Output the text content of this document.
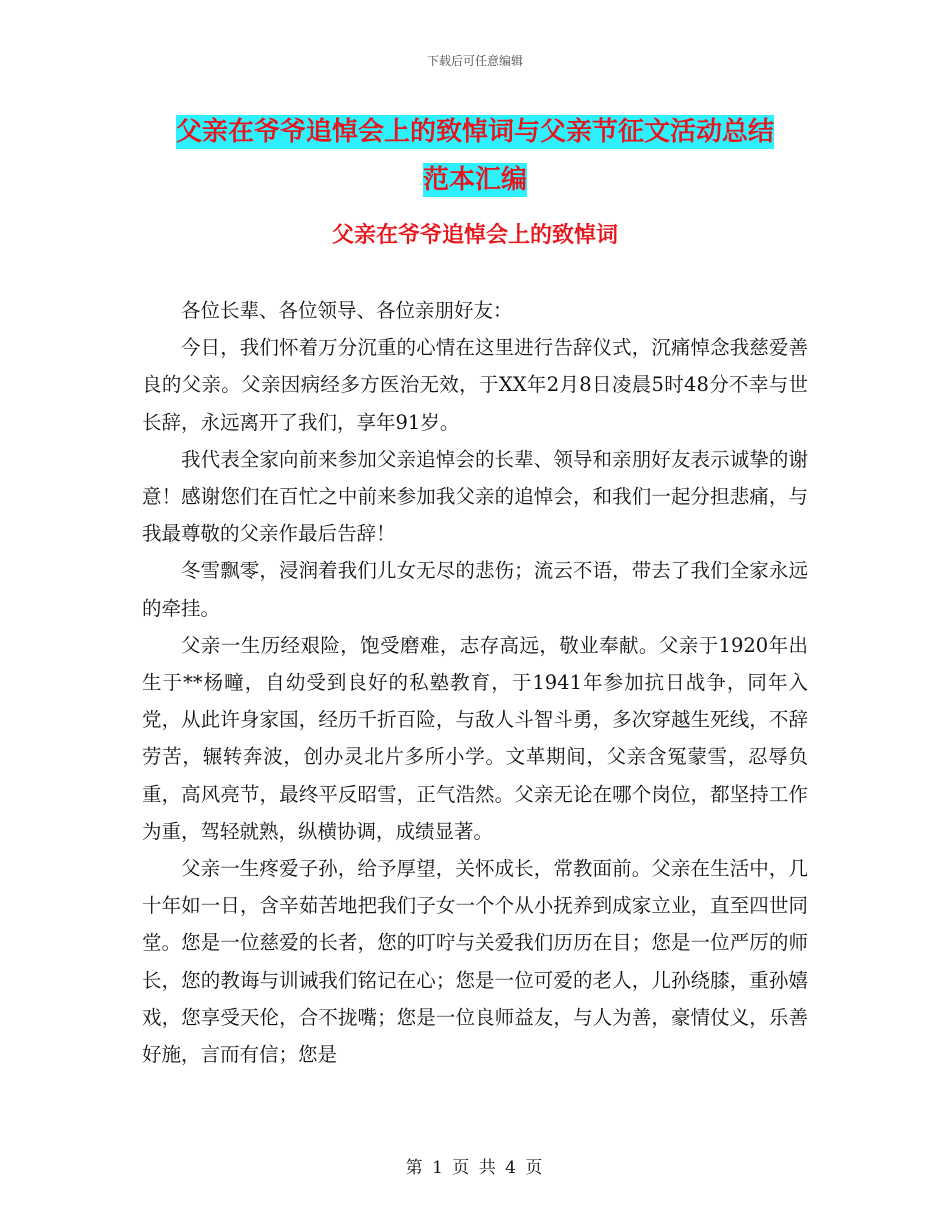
下载后可任意编辑
父亲在爷爷追悼会上的致悼词与父亲节征文活动总结
范本汇编
父亲在爷爷追悼会上的致悼词

各位长辈、各位领导、各位亲朋好友：

今日，我们怀着万分沉重的心情在这里进行告辞仪式，沉痛悼念我慈爱善良的父亲。父亲因病经多方医治无效，于XX年2月8日凌晨5时48分不幸与世长辞，永远离开了我们，享年91岁。

我代表全家向前来参加父亲追悼会的长辈、领导和亲朋好友表示诚挚的谢意！感谢您们在百忙之中前来参加我父亲的追悼会，和我们一起分担悲痛，与我最尊敬的父亲作最后告辞！

冬雪飘零，浸润着我们儿女无尽的悲伤；流云不语，带去了我们全家永远的牵挂。

父亲一生历经艰险，饱受磨难，志存高远，敬业奉献。父亲于1920年出生于**杨疃，自幼受到良好的私塾教育，于1941年参加抗日战争，同年入党，从此许身家国，经历千折百险，与敌人斗智斗勇，多次穿越生死线，不辞劳苦，辗转奔波，创办灵北片多所小学。文革期间，父亲含冤蒙雪，忍辱负重，高风亮节，最终平反昭雪，正气浩然。父亲无论在哪个岗位，都坚持工作为重，驾轻就熟，纵横协调，成绩显著。

父亲一生疼爱子孙，给予厚望，关怀成长，常教面前。父亲在生活中，几十年如一日，含辛茹苦地把我们子女一个个从小抚养到成家立业，直至四世同堂。您是一位慈爱的长者，您的叮咛与关爱我们历历在目；您是一位严厉的师长，您的教诲与训诫我们铭记在心；您是一位可爱的老人，儿孙绕膝，重孙嬉戏，您享受天伦，合不拢嘴；您是一位良师益友，与人为善，豪情仗义，乐善好施，言而有信；您是

第 1 页 共 4 页
